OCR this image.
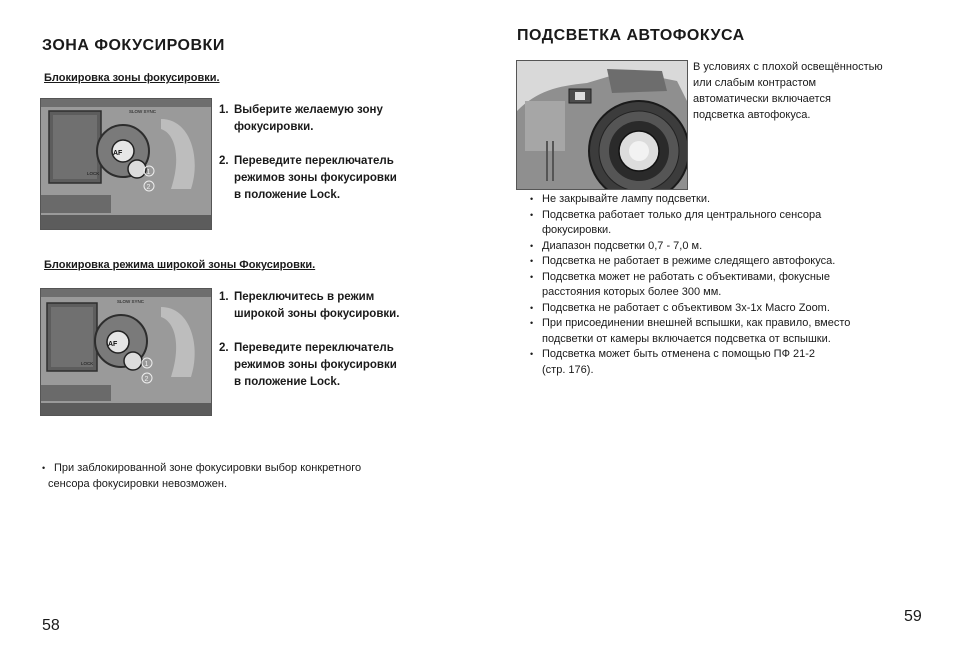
ЗОНА ФОКУСИРОВКИ
Блокировка зоны фокусировки.
AF
SLOW SYNC
LOCK	1
2
1. Выберите желаемую зону
фокусировки.
2. Переведите переключатель
режимов зоны фокусировки
в положение Lock.
Блокировка режима широкой зоны Фокусировки.
AF
SLOW SYNC
LOCK	1
2
1. Переключитесь в режим
широкой зоны фокусировки.
2. Переведите переключатель
режимов зоны фокусировки
в положение Lock.
• При заблокированной зоне фокусировки выбор конкретного
сенсора фокусировки невозможен.
58
ПОДСВЕТКА АВТОФОКУСА
В условиях с плохой освещённостью
или слабым контрастом
автоматически включается
подсветка автофокуса.
• Не закрывайте лампу подсветки.
• Подсветка работает только для центрального сенсора
фокусировки.
• Диапазон подсветки 0,7 - 7,0 м.
• Подсветка не работает в режиме следящего автофокуса.
• Подсветка может не работать с объективами, фокусные
расстояния которых более 300 мм.
• Подсветка не работает с объективом 3x-1x Macro Zoom.
• При присоединении внешней вспышки, как правило, вместо
подсветки от камеры включается подсветка от вспышки.
• Подсветка может быть отменена с помощью ПФ 21-2
(стр. 176).
59
